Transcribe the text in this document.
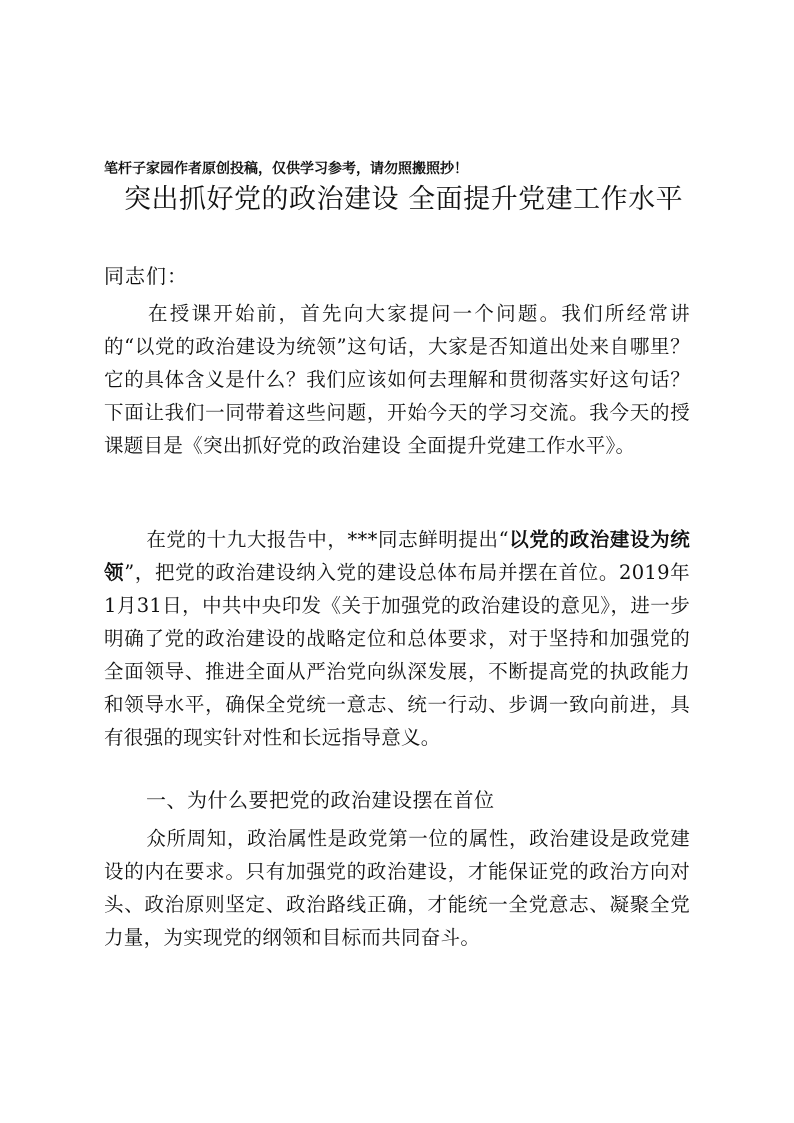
笔杆子家园作者原创投稿，仅供学习参考，请勿照搬照抄！
突出抓好党的政治建设 全面提升党建工作水平
同志们：

在授课开始前，首先向大家提问一个问题。我们所经常讲的“以党的政治建设为统领”这句话，大家是否知道出处来自哪里？它的具体含义是什么？我们应该如何去理解和贯彻落实好这句话？下面让我们一同带着这些问题，开始今天的学习交流。我今天的授课题目是《突出抓好党的政治建设 全面提升党建工作水平》。

在党的十九大报告中，***同志鲜明提出“以党的政治建设为统领”，把党的政治建设纳入党的建设总体布局并摆在首位。2019年1月31日，中共中央印发《关于加强党的政治建设的意见》，进一步明确了党的政治建设的战略定位和总体要求，对于坚持和加强党的全面领导、推进全面从严治党向纵深发展，不断提高党的执政能力和领导水平，确保全党统一意志、统一行动、步调一致向前进，具有很强的现实针对性和长远指导意义。

一、为什么要把党的政治建设摆在首位

众所周知，政治属性是政党第一位的属性，政治建设是政党建设的内在要求。只有加强党的政治建设，才能保证党的政治方向对头、政治原则坚定、政治路线正确，才能统一全党意志、凝聚全党力量，为实现党的纲领和目标而共同奋斗。
